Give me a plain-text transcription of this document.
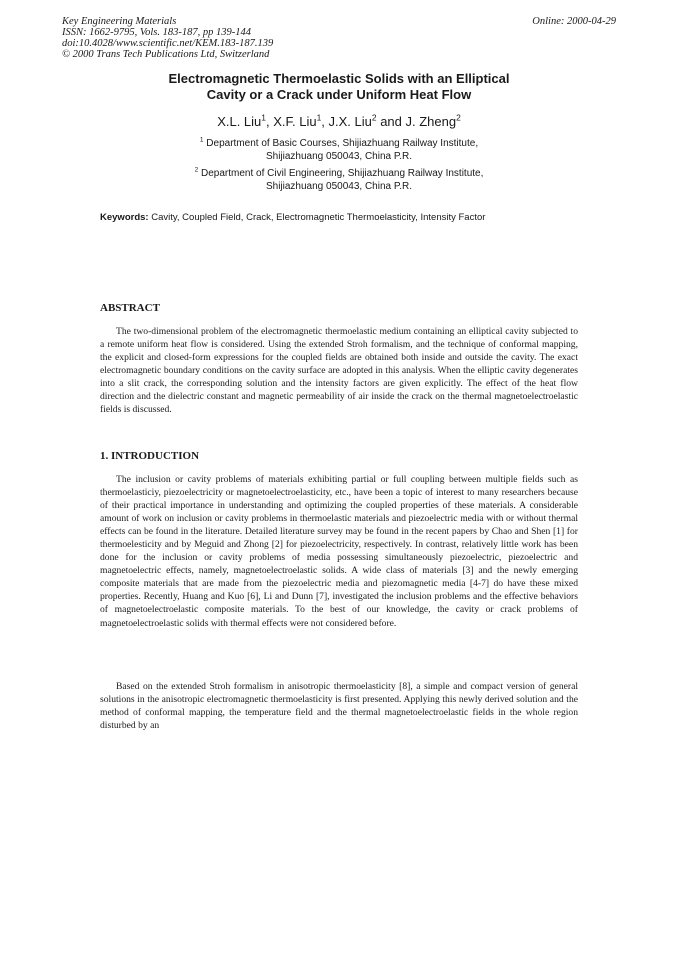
Key Engineering Materials
ISSN: 1662-9795, Vols. 183-187, pp 139-144
doi:10.4028/www.scientific.net/KEM.183-187.139
© 2000 Trans Tech Publications Ltd, Switzerland
Online: 2000-04-29
Electromagnetic Thermoelastic Solids with an Elliptical
Cavity or a Crack under Uniform Heat Flow
X.L. Liu$^1$, X.F. Liu$^1$, J.X. Liu$^2$ and J. Zheng$^2$
$^1$ Department of Basic Courses, Shijiazhuang Railway Institute,
Shijiazhuang 050043, China P.R.
$^2$ Department of Civil Engineering, Shijiazhuang Railway Institute,
Shijiazhuang 050043, China P.R.
Keywords: Cavity, Coupled Field, Crack, Electromagnetic Thermoelasticity, Intensity Factor
ABSTRACT

The two-dimensional problem of the electromagnetic thermoelastic medium containing an elliptical cavity subjected to a remote uniform heat flow is considered. Using the extended Stroh formalism, and the technique of conformal mapping, the explicit and closed-form expressions for the coupled fields are obtained both inside and outside the cavity. The exact electromagnetic boundary conditions on the cavity surface are adopted in this analysis. When the elliptic cavity degenerates into a slit crack, the corresponding solution and the intensity factors are given explicitly. The effect of the heat flow direction and the dielectric constant and magnetic permeability of air inside the crack on the thermal magnetoelectroelastic fields is discussed.

1. INTRODUCTION

The inclusion or cavity problems of materials exhibiting partial or full coupling between multiple fields such as thermoelasticiy, piezoelectricity or magnetoelectroelasticity, etc., have been a topic of interest to many researchers because of their practical importance in understanding and optimizing the coupled properties of these materials. A considerable amount of work on inclusion or cavity problems in thermoelastic materials and piezoelectric media with or without thermal effects can be found in the literature. Detailed literature survey may be found in the recent papers by Chao and Shen [1] for thermoelesticity and by Meguid and Zhong [2] for piezoelectricity, respectively. In contrast, relatively little work has been done for the inclusion or cavity problems of media possessing simultaneously piezoelectric, piezoelectric and magnetoelectric effects, namely, magnetoelectroelastic solids. A wide class of materials [3] and the newly emerging composite materials that are made from the piezoelectric media and piezomagnetic media [4-7] do have these mixed properties. Recently, Huang and Kuo [6], Li and Dunn [7], investigated the inclusion problems and the effective behaviors of magnetoelectroelastic composite materials. To the best of our knowledge, the cavity or crack problems of magnetoelectroelastic solids with thermal effects were not considered before.

Based on the extended Stroh formalism in anisotropic thermoelasticity [8], a simple and compact version of general solutions in the anisotropic electromagnetic thermoelasticity is first presented. Applying this newly derived solution and the method of conformal mapping, the temperature field and the thermal magnetoelectroelastic fields in the whole region disturbed by an
